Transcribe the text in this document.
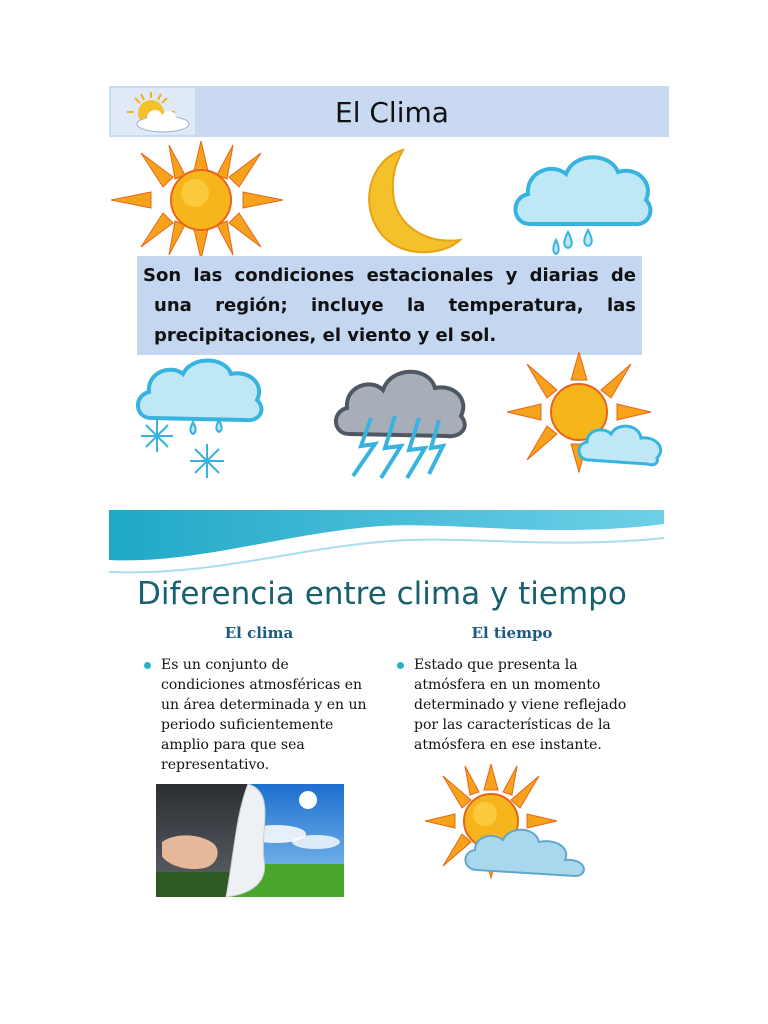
El Clima
Son las condiciones estacionales y diarias de
una región; incluye la temperatura, las
precipitaciones, el viento y el sol.
Diferencia entre clima y tiempo
El clima
Es un conjunto de
condiciones atmosféricas en
un área determinada y en un
periodo suficientemente
amplio para que sea
representativo.
El tiempo
Estado que presenta la
atmósfera en un momento
determinado y viene reflejado
por las características de la
atmósfera en ese instante.
